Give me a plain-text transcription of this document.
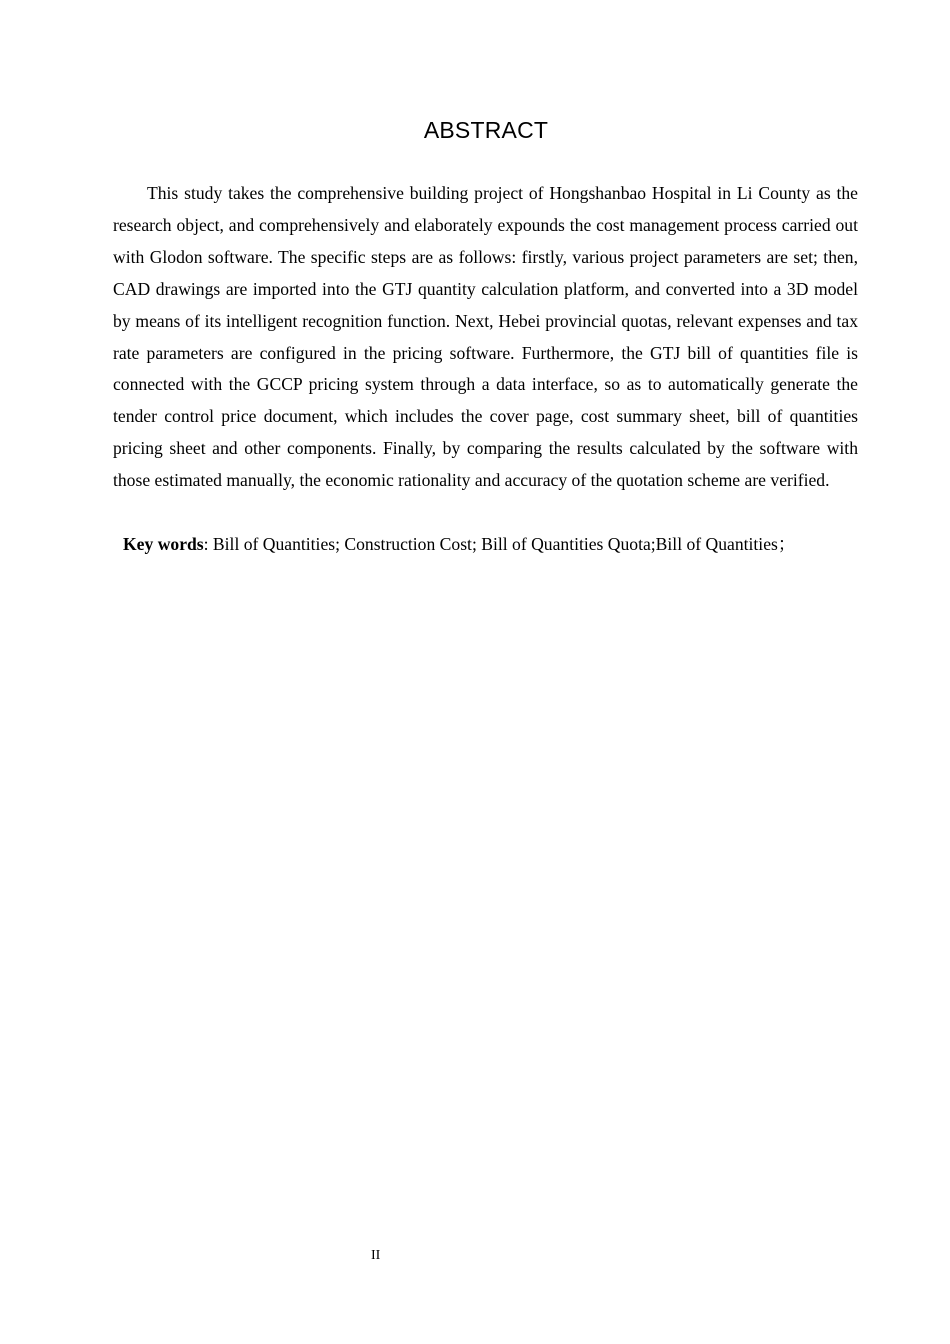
ABSTRACT

This study takes the comprehensive building project of Hongshanbao Hospital in Li County as the research object, and comprehensively and elaborately expounds the cost management process carried out with Glodon software. The specific steps are as follows: firstly, various project parameters are set; then, CAD drawings are imported into the GTJ quantity calculation platform, and converted into a 3D model by means of its intelligent recognition function. Next, Hebei provincial quotas, relevant expenses and tax rate parameters are configured in the pricing software. Furthermore, the GTJ bill of quantities file is connected with the GCCP pricing system through a data interface, so as to automatically generate the tender control price document, which includes the cover page, cost summary sheet, bill of quantities pricing sheet and other components. Finally, by comparing the results calculated by the software with those estimated manually, the economic rationality and accuracy of the quotation scheme are verified.

Key words: Bill of Quantities; Construction Cost; Bill of Quantities Quota;Bill of Quantities；

II
